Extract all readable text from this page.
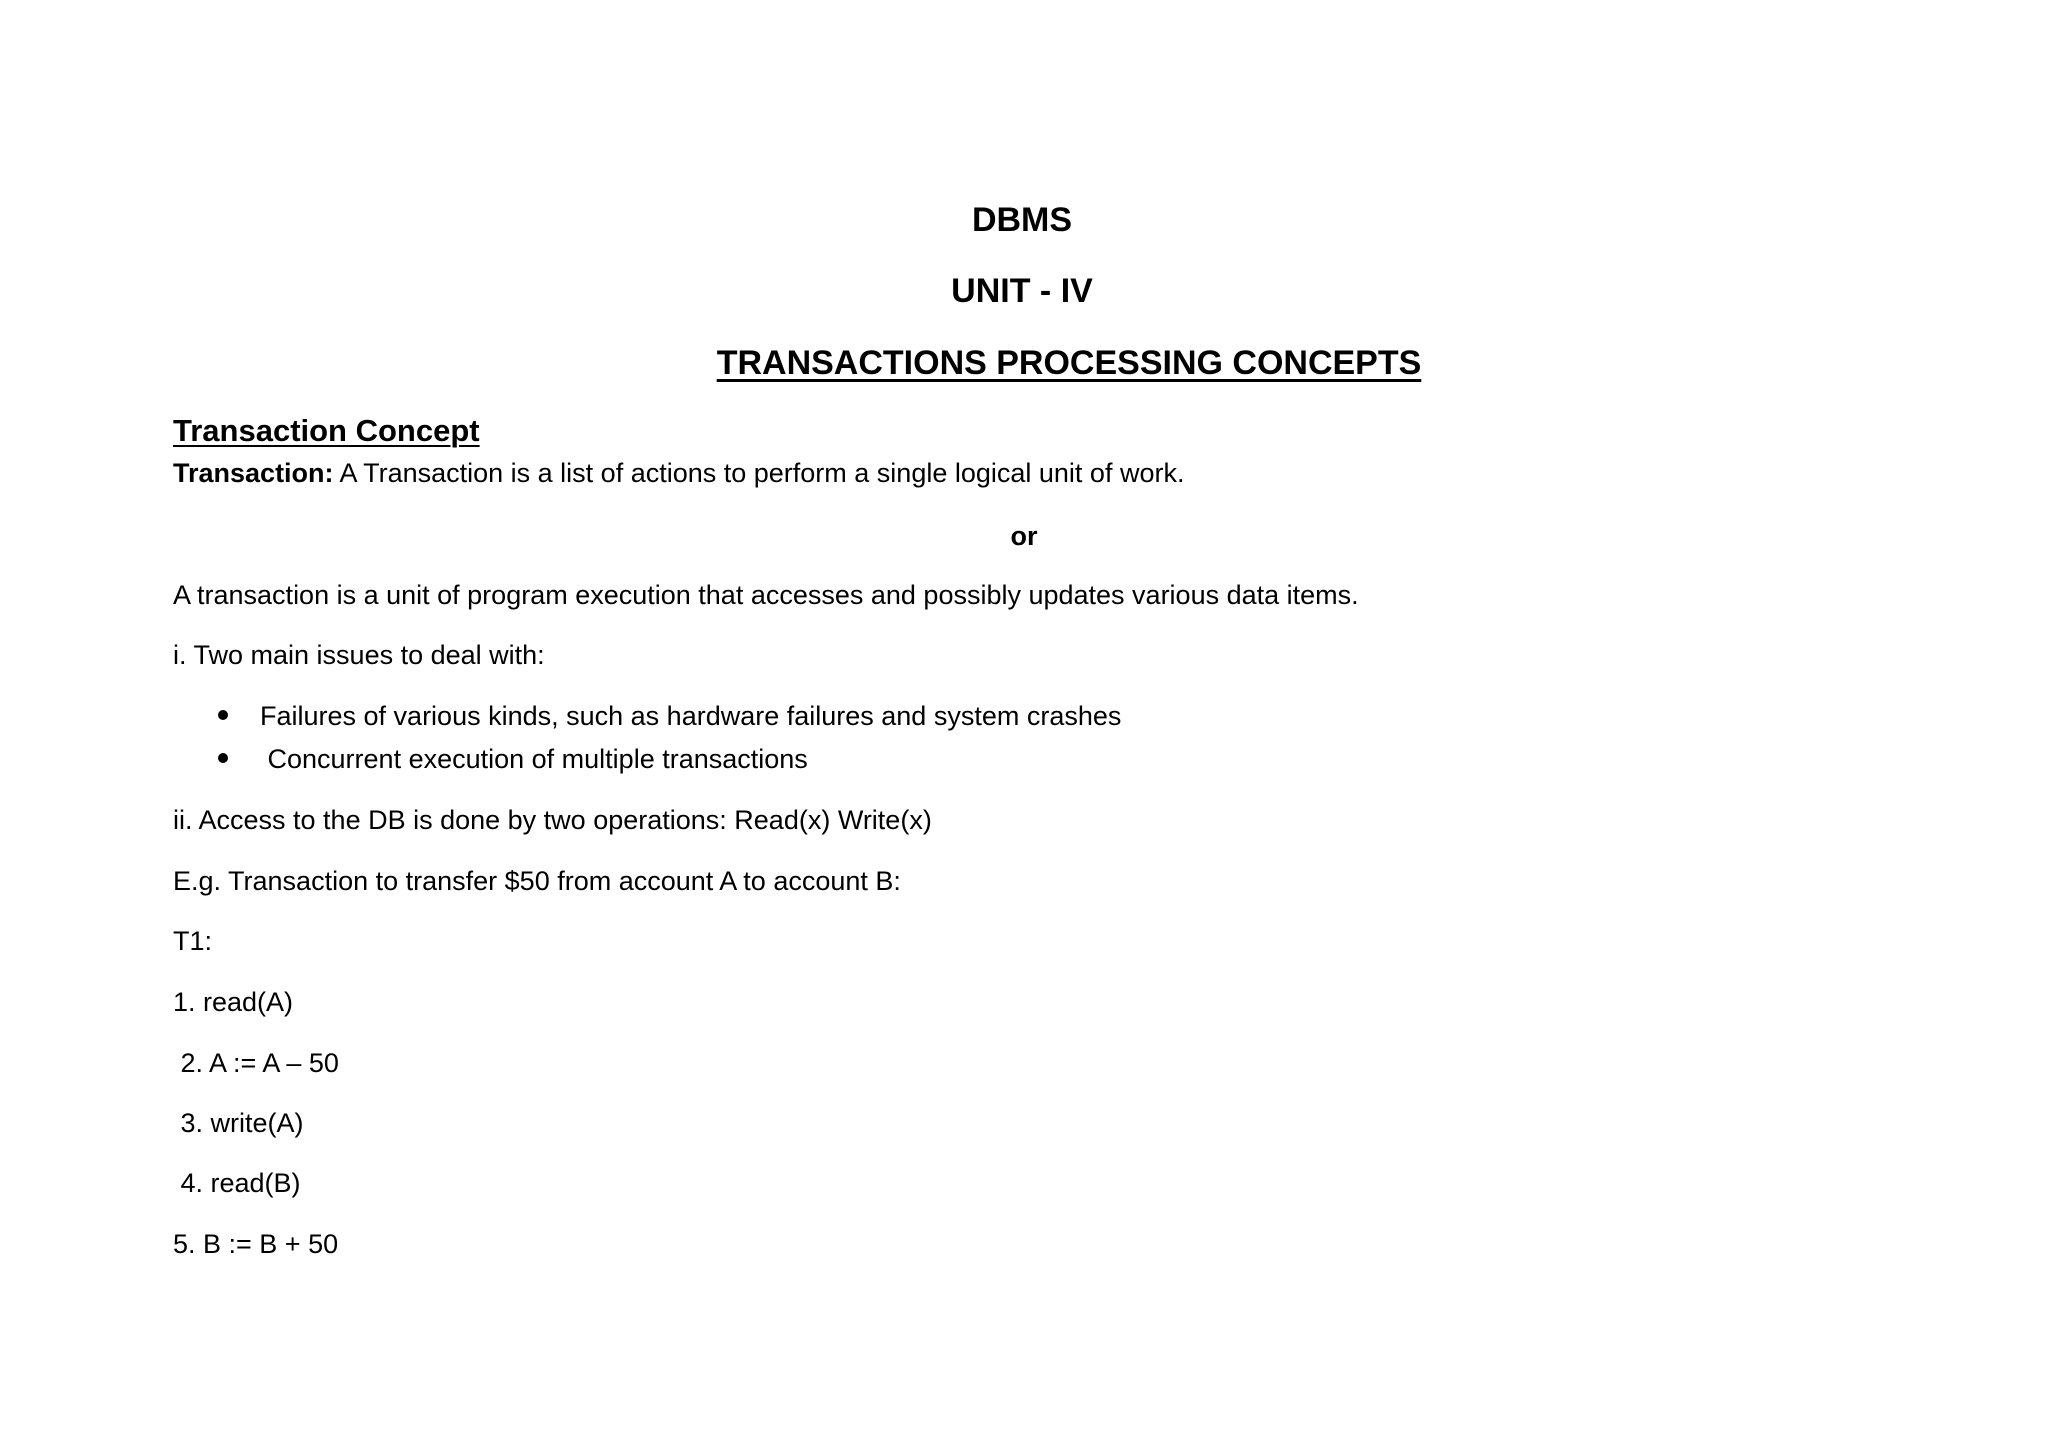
DBMS
UNIT - IV
TRANSACTIONS PROCESSING CONCEPTS
Transaction Concept
Transaction: A Transaction is a list of actions to perform a single logical unit of work.
or
A transaction is a unit of program execution that accesses and possibly updates various data items.
i. Two main issues to deal with:
Failures of various kinds, such as hardware failures and system crashes
Concurrent execution of multiple transactions
ii. Access to the DB is done by two operations: Read(x) Write(x)
E.g. Transaction to transfer $50 from account A to account B:
T1:
1. read(A)
2. A := A – 50
3. write(A)
4. read(B)
5. B := B + 50
